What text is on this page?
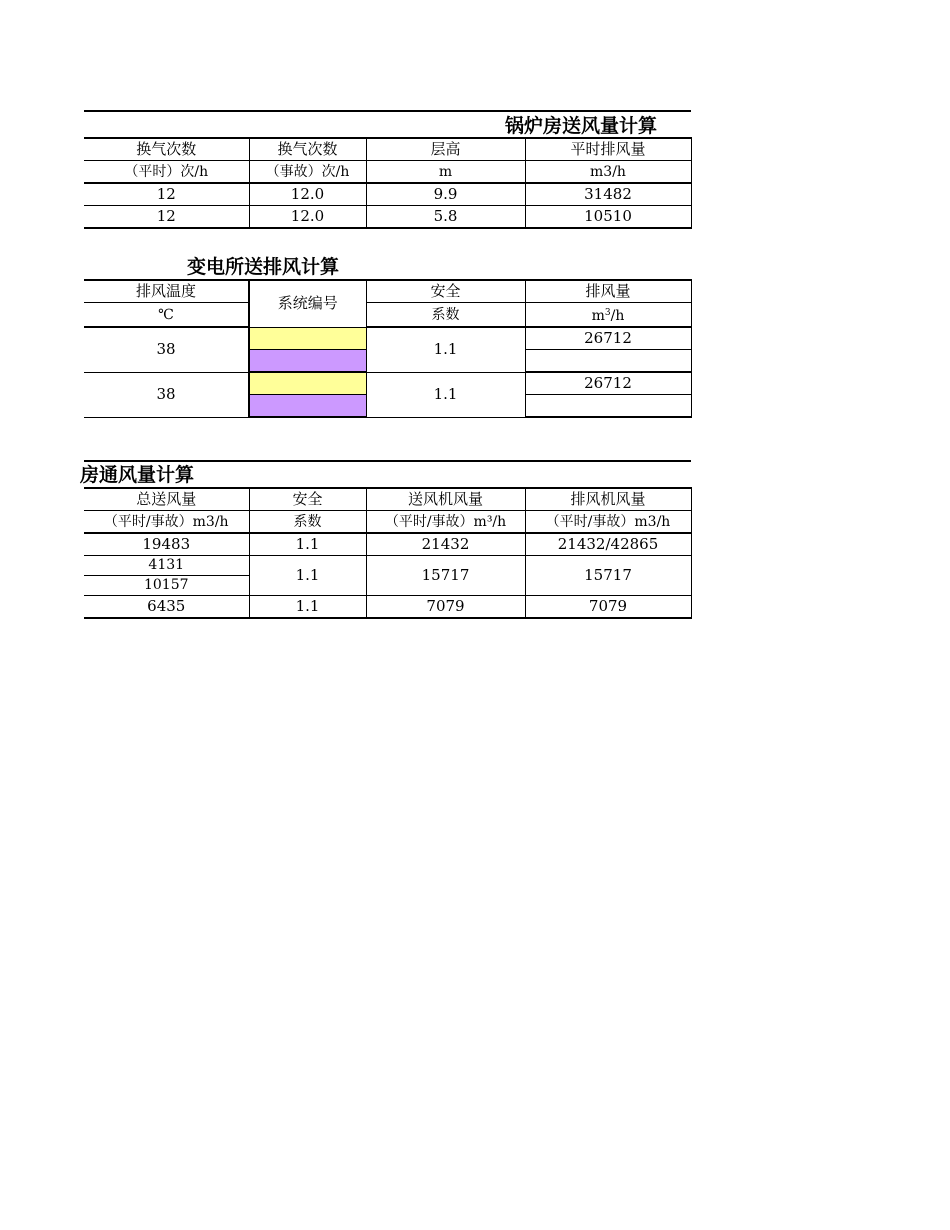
锅炉房送风量计算
换气次数	换气次数	层高	平时排风量
（平时）次/h	（事故）次/h	m	m3/h
12	12.0	9.9	31482
12	12.0	5.8	10510
变电所送排风计算
排风温度	系统编号	安全	排风量
℃		系数	$m^3/h$
38		1.1	26712

38		1.1	26712

房通风量计算
总送风量	安全	送风机风量	排风机风量
（平时/事故）m3/h	系数	（平时/事故）m³/h	（平时/事故）m3/h
19483	1.1	21432	21432/42865
4131	1.1	15717	15717
10157			
6435	1.1	7079	7079
